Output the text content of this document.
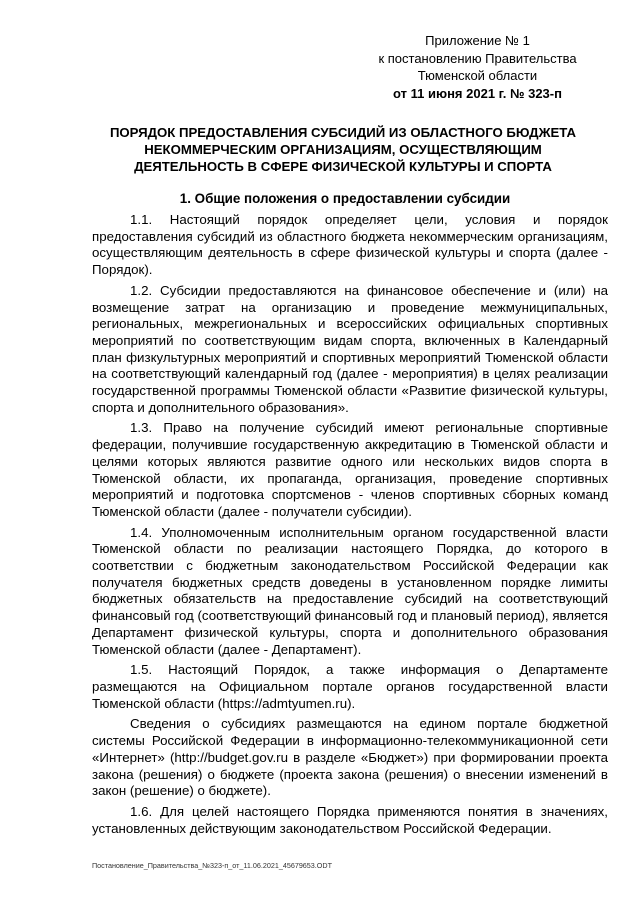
Приложение № 1
к постановлению Правительства
Тюменской области
от 11 июня 2021 г. № 323-п
ПОРЯДОК ПРЕДОСТАВЛЕНИЯ СУБСИДИЙ ИЗ ОБЛАСТНОГО БЮДЖЕТА НЕКОММЕРЧЕСКИМ ОРГАНИЗАЦИЯМ, ОСУЩЕСТВЛЯЮЩИМ ДЕЯТЕЛЬНОСТЬ В СФЕРЕ ФИЗИЧЕСКОЙ КУЛЬТУРЫ И СПОРТА
1. Общие положения о предоставлении субсидии

1.1. Настоящий порядок определяет цели, условия и порядок предоставления субсидий из областного бюджета некоммерческим организациям, осуществляющим деятельность в сфере физической культуры и спорта (далее - Порядок).

1.2. Субсидии предоставляются на финансовое обеспечение и (или) на возмещение затрат на организацию и проведение межмуниципальных, региональных, межрегиональных и всероссийских официальных спортивных мероприятий по соответствующим видам спорта, включенных в Календарный план физкультурных мероприятий и спортивных мероприятий Тюменской области на соответствующий календарный год (далее - мероприятия) в целях реализации государственной программы Тюменской области «Развитие физической культуры, спорта и дополнительного образования».

1.3. Право на получение субсидий имеют региональные спортивные федерации, получившие государственную аккредитацию в Тюменской области и целями которых являются развитие одного или нескольких видов спорта в Тюменской области, их пропаганда, организация, проведение спортивных мероприятий и подготовка спортсменов - членов спортивных сборных команд Тюменской области (далее - получатели субсидии).

1.4. Уполномоченным исполнительным органом государственной власти Тюменской области по реализации настоящего Порядка, до которого в соответствии с бюджетным законодательством Российской Федерации как получателя бюджетных средств доведены в установленном порядке лимиты бюджетных обязательств на предоставление субсидий на соответствующий финансовый год (соответствующий финансовый год и плановый период), является Департамент физической культуры, спорта и дополнительного образования Тюменской области (далее - Департамент).

1.5. Настоящий Порядок, а также информация о Департаменте размещаются на Официальном портале органов государственной власти Тюменской области (https://admtyumen.ru).

Сведения о субсидиях размещаются на едином портале бюджетной системы Российской Федерации в информационно-телекоммуникационной сети «Интернет» (http://budget.gov.ru в разделе «Бюджет») при формировании проекта закона (решения) о бюджете (проекта закона (решения) о внесении изменений в закон (решение) о бюджете).

1.6. Для целей настоящего Порядка применяются понятия в значениях, установленных действующим законодательством Российской Федерации.

Постановление_Правительства_№323-п_от_11.06.2021_45679653.ODT
